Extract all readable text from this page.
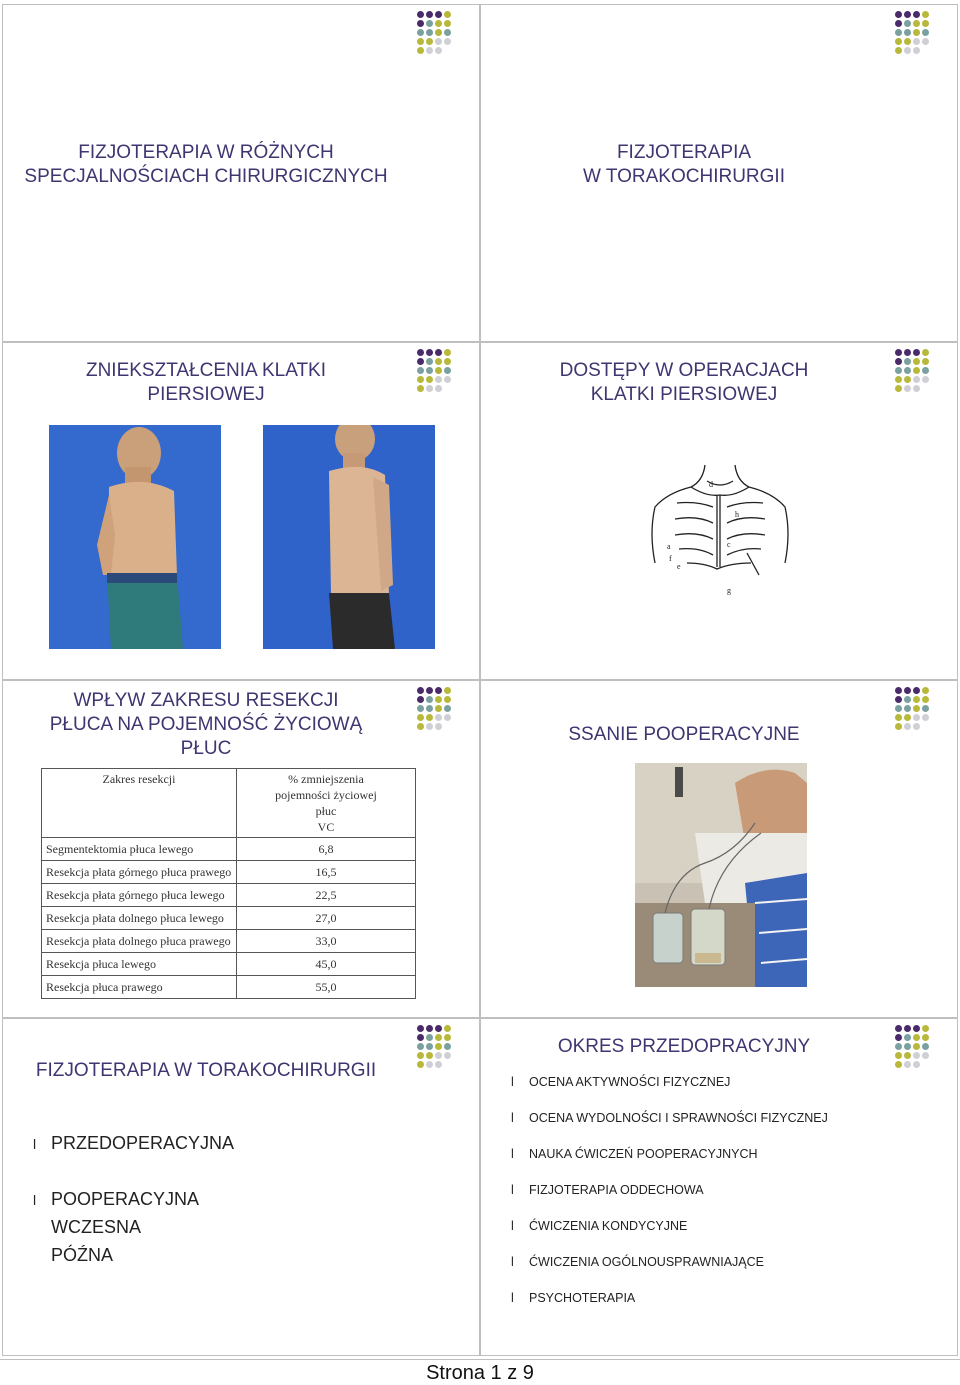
FIZJOTERAPIA W RÓŻNYCH
SPECJALNOŚCIACH CHIRURGICZNYCH
FIZJOTERAPIA
W TORAKOCHIRURGII
ZNIEKSZTAŁCENIA KLATKI
PIERSIOWEJ
DOSTĘPY W OPERACJACH
KLATKI PIERSIOWEJ
d
h
c
a
f
e
g
WPŁYW ZAKRESU RESEKCJI
PŁUCA NA POJEMNOŚĆ ŻYCIOWĄ
PŁUC
Zakres resekcji	% zmniejszenia
pojemności życiowej
płuc
VC

Segmentektomia płuca lewego	6,8
Resekcja płata górnego płuca prawego	16,5
Resekcja płata górnego płuca lewego	22,5
Resekcja płata dolnego płuca lewego	27,0
Resekcja płata dolnego płuca prawego	33,0
Resekcja płuca lewego	45,0
Resekcja płuca prawego	55,0
SSANIE POOPERACYJNE
FIZJOTERAPIA W TORAKOCHIRURGII
l PRZEDOPERACYJNA
l POOPERACYJNA
WCZESNA
PÓŹNA
OKRES PRZEDOPRACYJNY
l OCENA AKTYWNOŚCI FIZYCZNEJ
l OCENA WYDOLNOŚCI I SPRAWNOŚCI FIZYCZNEJ
l NAUKA ĆWICZEŃ POOPERACYJNYCH
l FIZJOTERAPIA ODDECHOWA
l ĆWICZENIA KONDYCYJNE
l ĆWICZENIA OGÓLNOUSPRAWNIAJĄCE
l PSYCHOTERAPIA
Strona 1 z 9
